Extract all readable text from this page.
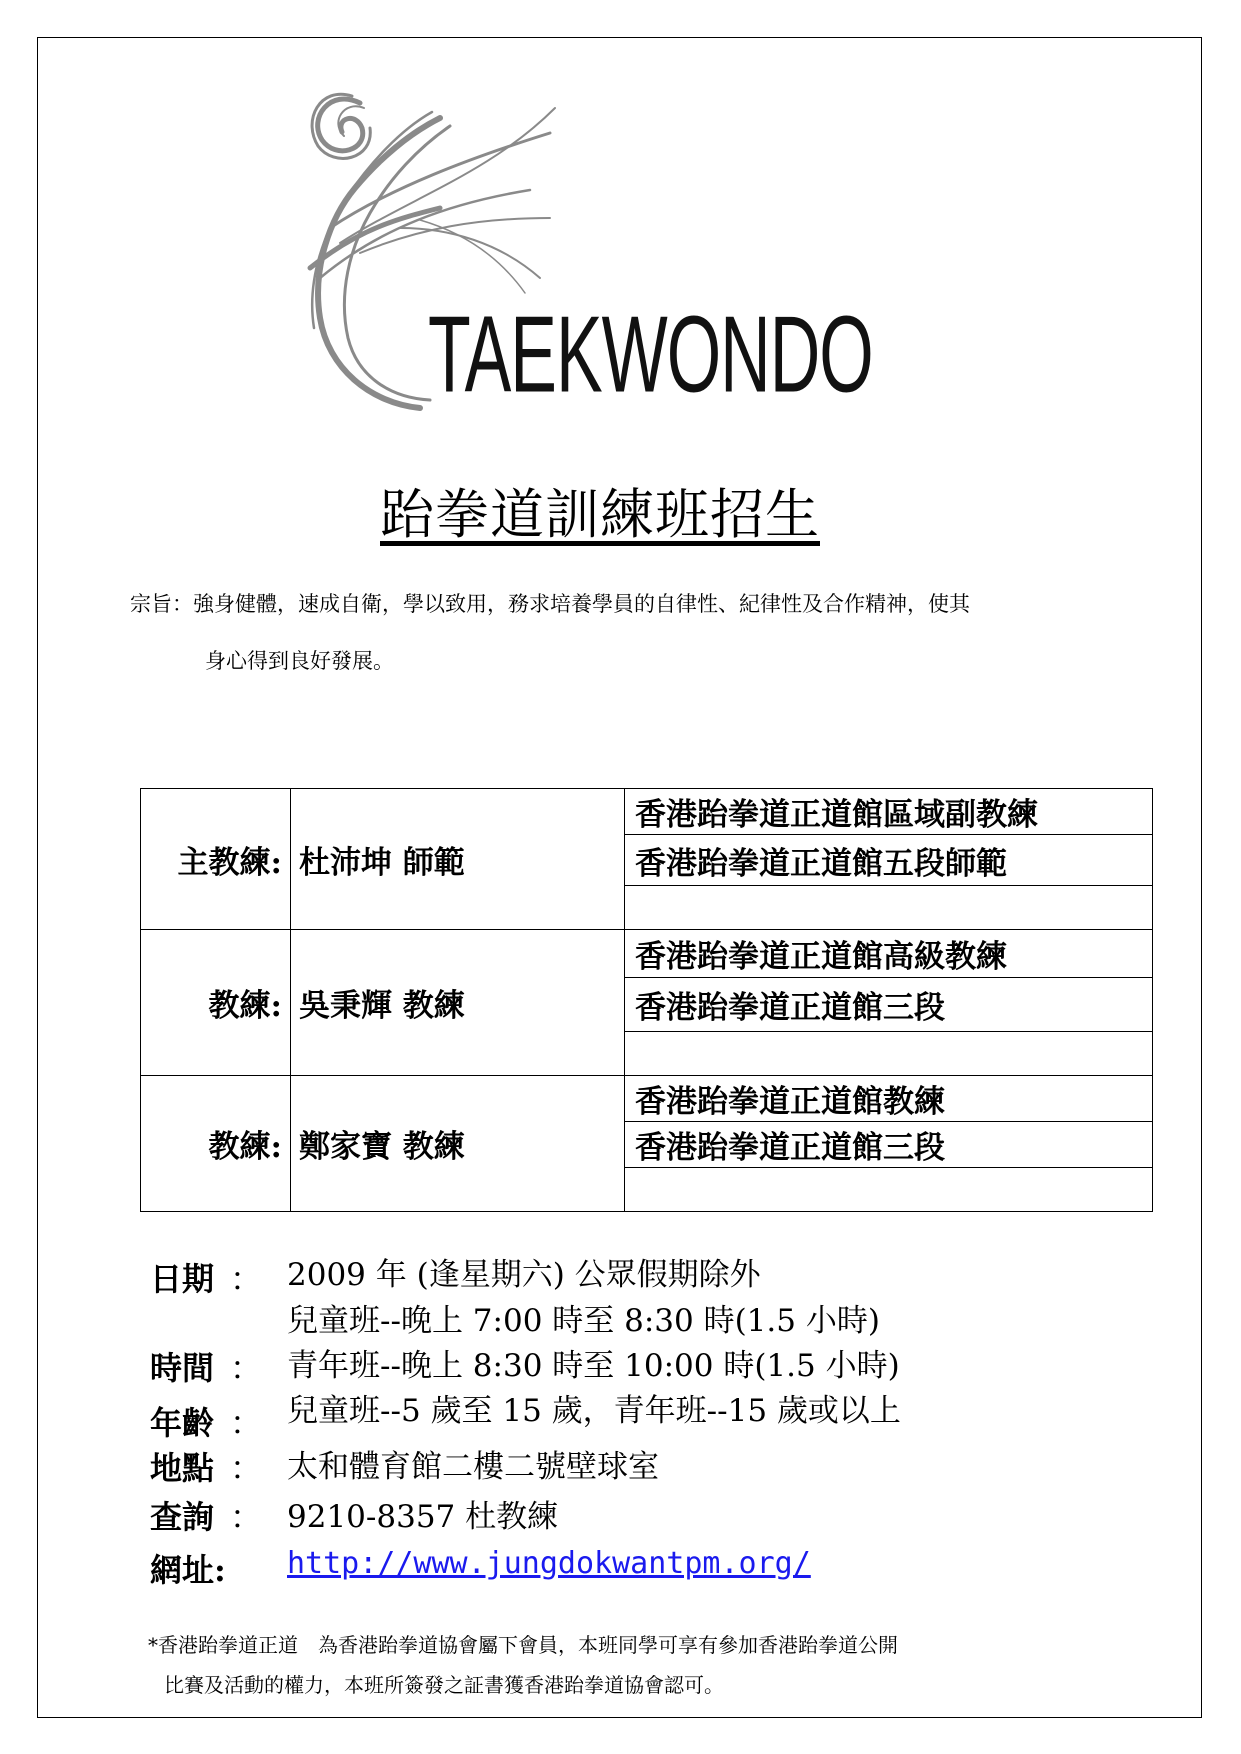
TAEKWONDO
跆拳道訓練班招生
宗旨：強身健體，速成自衛，學以致用，務求培養學員的自律性、紀律性及合作精神，使其
身心得到良好發展。
主教練:	杜沛坤 師範	香港跆拳道正道館區域副教練
		香港跆拳道正道館五段師範

教練:	吳秉輝 教練	香港跆拳道正道館高級教練
		香港跆拳道正道館三段

教練:	鄭家寶 教練	香港跆拳道正道館教練
		香港跆拳道正道館三段

日期 ： 2009 年 (逢星期六) 公眾假期除外
兒童班--晚上 7:00 時至 8:30 時(1.5 小時)
時間 ： 青年班--晚上 8:30 時至 10:00 時(1.5 小時)
年齡 ： 兒童班--5 歲至 15 歲，青年班--15 歲或以上
地點 ： 太和體育館二樓二號壁球室
查詢 ： 9210-8357 杜教練
網址: http://www.jungdokwantpm.org/
*香港跆拳道正道　為香港跆拳道協會屬下會員，本班同學可享有參加香港跆拳道公開
比賽及活動的權力，本班所簽發之証書獲香港跆拳道協會認可。
